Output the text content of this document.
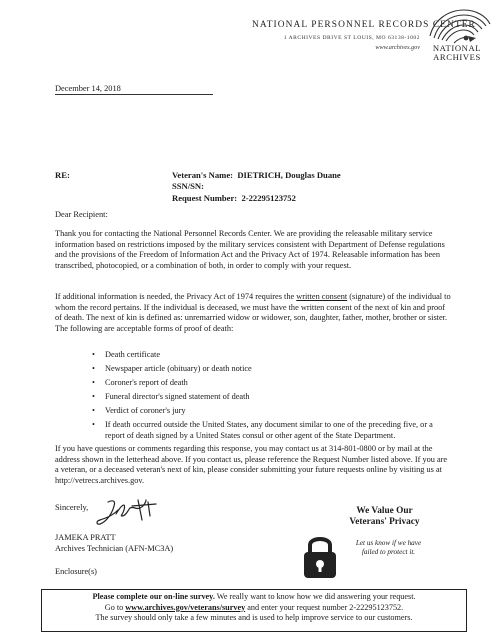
NATIONAL PERSONNEL RECORDS CENTER
1 ARCHIVES DRIVE ST LOUIS, MO 63138-1002
www.archives.gov	NATIONAL
ARCHIVES
December 14, 2018
RE:	Veteran's Name: DIETRICH, Douglas Duane
SSN/SN:
Request Number: 2-22295123752
Dear Recipient:
Thank you for contacting the National Personnel Records Center. We are providing the releasable military service information based on restrictions imposed by the military services consistent with Department of Defense regulations and the provisions of the Freedom of Information Act and the Privacy Act of 1974. Releasable information has been transcribed, photocopied, or a combination of both, in order to comply with your request.
If additional information is needed, the Privacy Act of 1974 requires the written consent (signature) of the individual to whom the record pertains. If the individual is deceased, we must have the written consent of the next of kin and proof of death. The next of kin is defined as: unremarried widow or widower, son, daughter, father, mother, brother or sister. The following are acceptable forms of proof of death:
• Death certificate
• Newspaper article (obituary) or death notice
• Coroner's report of death
• Funeral director's signed statement of death
• Verdict of coroner's jury
• If death occurred outside the United States, any document similar to one of the preceding five, or a report of death signed by a United States consul or other agent of the State Department.
If you have questions or comments regarding this response, you may contact us at 314-801-0800 or by mail at the address shown in the letterhead above. If you contact us, please reference the Request Number listed above. If you are a veteran, or a deceased veteran's next of kin, please consider submitting your future requests online by visiting us at http://vetrecs.archives.gov.
Sincerely,
JAMEKA PRATT
Archives Technician (AFN-MC3A)
Enclosure(s)
We Value Our
Veterans' Privacy
Let us know if we have
failed to protect it.
Please complete our on-line survey. We really want to know how we did answering your request.
Go to www.archives.gov/veterans/survey and enter your request number 2-22295123752.
The survey should only take a few minutes and is used to help improve service to our customers.
